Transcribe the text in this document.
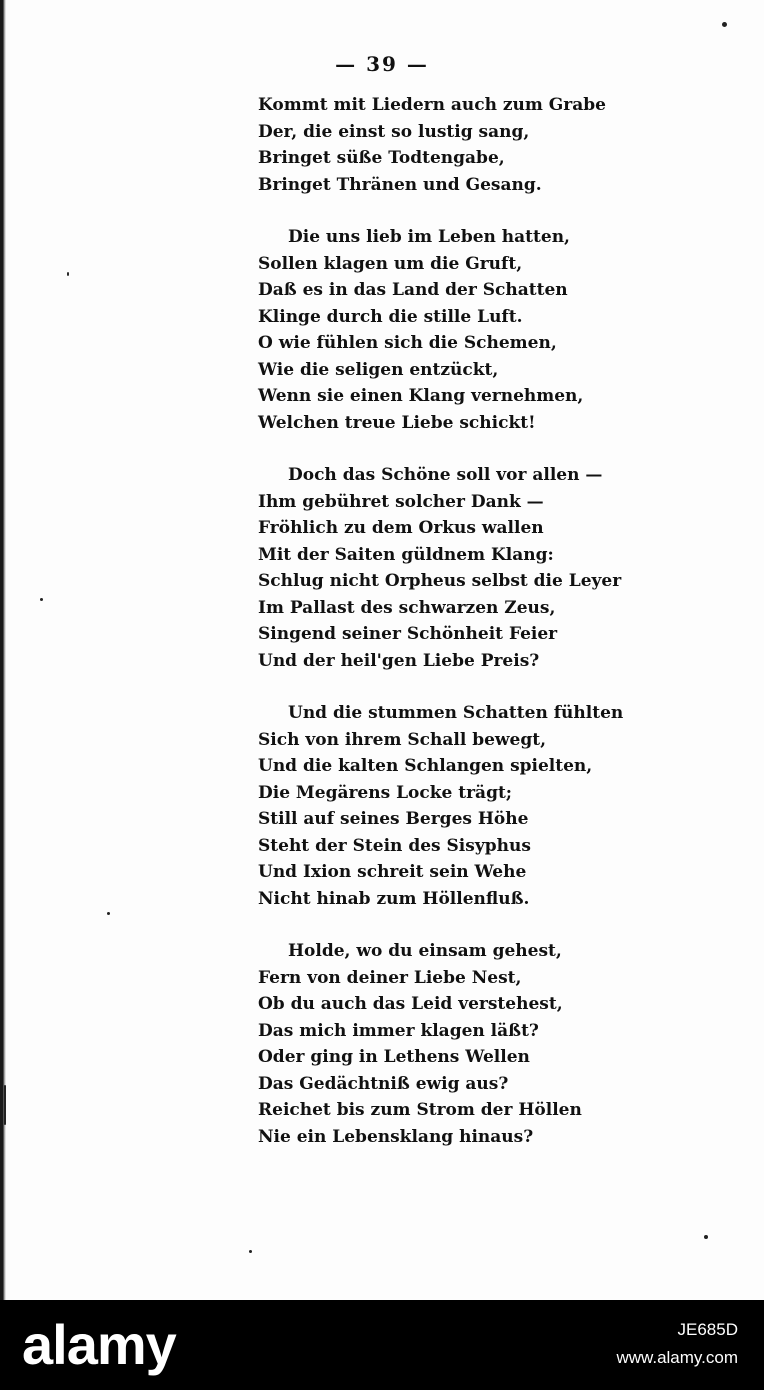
— 39 —
Kommt mit Liedern auch zum Grabe
Der, die einst so lustig sang,
Bringet süße Todtengabe,
Bringet Thränen und Gesang.
Die uns lieb im Leben hatten,
Sollen klagen um die Gruft,
Daß es in das Land der Schatten
Klinge durch die stille Luft.
O wie fühlen sich die Schemen,
Wie die seligen entzückt,
Wenn sie einen Klang vernehmen,
Welchen treue Liebe schickt!
Doch das Schöne soll vor allen —
Ihm gebühret solcher Dank —
Fröhlich zu dem Orkus wallen
Mit der Saiten güldnem Klang:
Schlug nicht Orpheus selbst die Leyer
Im Pallast des schwarzen Zeus,
Singend seiner Schönheit Feier
Und der heil'gen Liebe Preis?
Und die stummen Schatten fühlten
Sich von ihrem Schall bewegt,
Und die kalten Schlangen spielten,
Die Megärens Locke trägt;
Still auf seines Berges Höhe
Steht der Stein des Sisyphus
Und Ixion schreit sein Wehe
Nicht hinab zum Höllenfluß.
Holde, wo du einsam gehest,
Fern von deiner Liebe Nest,
Ob du auch das Leid verstehest,
Das mich immer klagen läßt?
Oder ging in Lethens Wellen
Das Gedächtniß ewig aus?
Reichet bis zum Strom der Höllen
Nie ein Lebensklang hinaus?
alamy	JE685D
www.alamy.com
